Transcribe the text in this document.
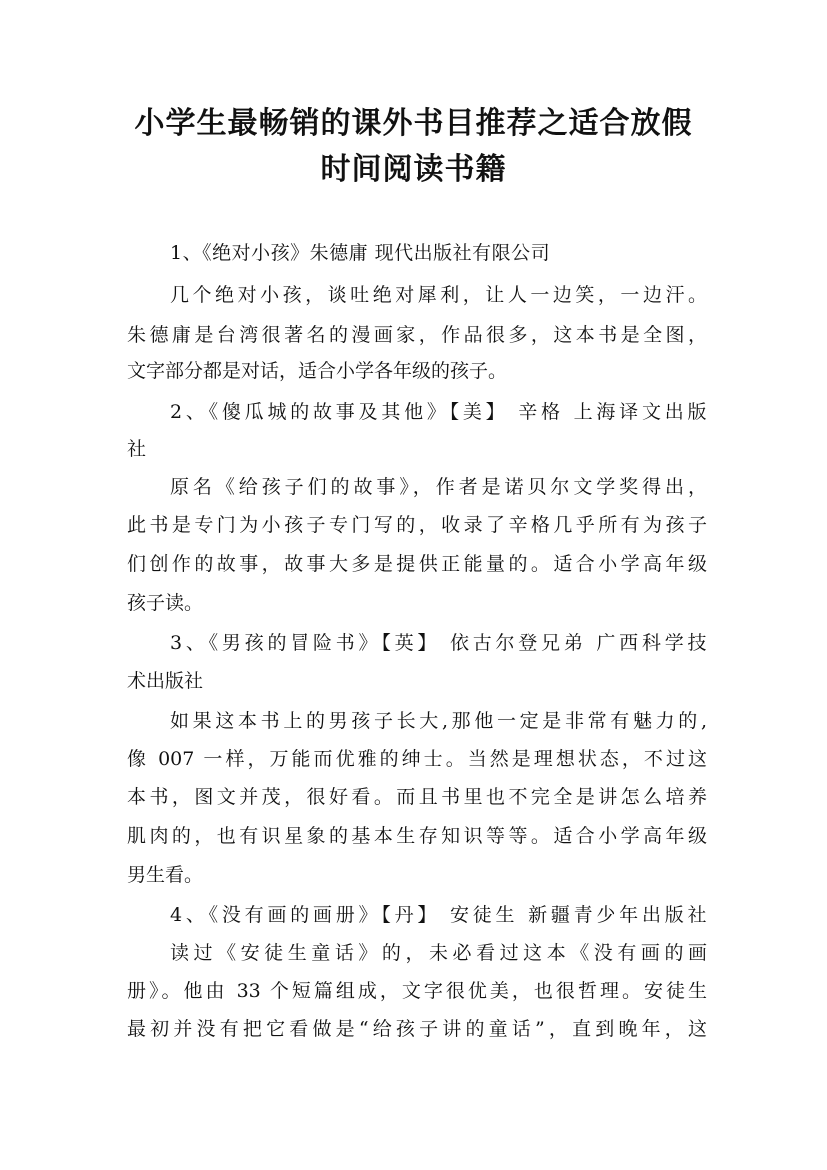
小学生最畅销的课外书目推荐之适合放假
时间阅读书籍
1、《绝对小孩》朱德庸 现代出版社有限公司
几个绝对小孩，谈吐绝对犀利，让人一边笑，一边汗。
朱德庸是台湾很著名的漫画家，作品很多，这本书是全图，
文字部分都是对话，适合小学各年级的孩子。
2、《傻瓜城的故事及其他》【美】 辛格 上海译文出版
社
原名《给孩子们的故事》，作者是诺贝尔文学奖得出，
此书是专门为小孩子专门写的，收录了辛格几乎所有为孩子
们创作的故事，故事大多是提供正能量的。适合小学高年级
孩子读。
3、《男孩的冒险书》【英】 依古尔登兄弟 广西科学技
术出版社
如果这本书上的男孩子长大,那他一定是非常有魅力的,
像 007 一样，万能而优雅的绅士。当然是理想状态，不过这
本书，图文并茂，很好看。而且书里也不完全是讲怎么培养
肌肉的，也有识星象的基本生存知识等等。适合小学高年级
男生看。
4、《没有画的画册》【丹】 安徒生 新疆青少年出版社
读过《安徒生童话》的，未必看过这本《没有画的画
册》。他由 33 个短篇组成，文字很优美，也很哲理。安徒生
最初并没有把它看做是“给孩子讲的童话”，直到晚年，这
